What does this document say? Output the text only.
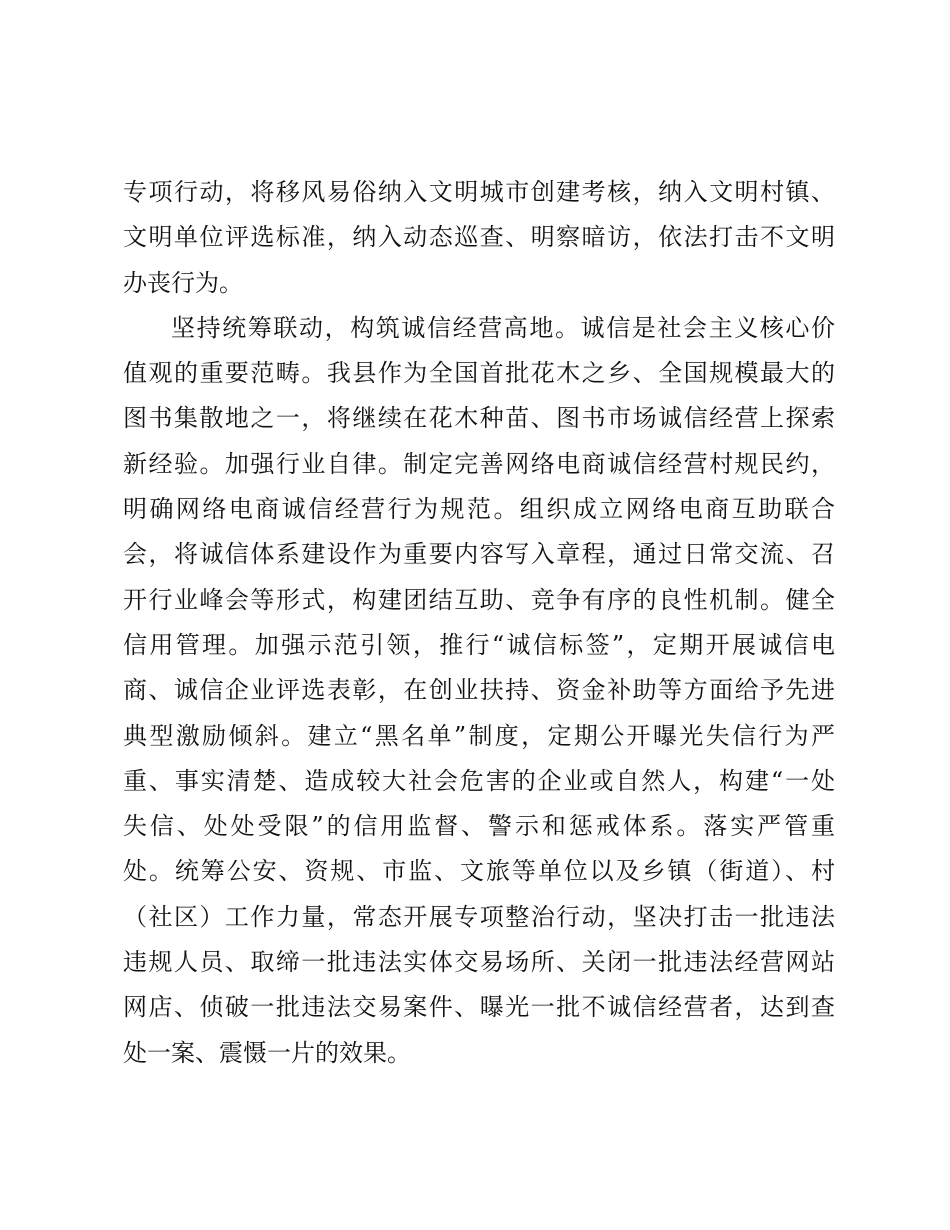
专项行动，将移风易俗纳入文明城市创建考核，纳入文明村镇、
文明单位评选标准，纳入动态巡查、明察暗访，依法打击不文明
办丧行为。
坚持统筹联动，构筑诚信经营高地。诚信是社会主义核心价
值观的重要范畴。我县作为全国首批花木之乡、全国规模最大的
图书集散地之一，将继续在花木种苗、图书市场诚信经营上探索
新经验。加强行业自律。制定完善网络电商诚信经营村规民约，
明确网络电商诚信经营行为规范。组织成立网络电商互助联合
会，将诚信体系建设作为重要内容写入章程，通过日常交流、召
开行业峰会等形式，构建团结互助、竞争有序的良性机制。健全
信用管理。加强示范引领，推行“诚信标签”，定期开展诚信电
商、诚信企业评选表彰，在创业扶持、资金补助等方面给予先进
典型激励倾斜。建立“黑名单”制度，定期公开曝光失信行为严
重、事实清楚、造成较大社会危害的企业或自然人，构建“一处
失信、处处受限”的信用监督、警示和惩戒体系。落实严管重
处。统筹公安、资规、市监、文旅等单位以及乡镇（街道）、村
（社区）工作力量，常态开展专项整治行动，坚决打击一批违法
违规人员、取缔一批违法实体交易场所、关闭一批违法经营网站
网店、侦破一批违法交易案件、曝光一批不诚信经营者，达到查
处一案、震慑一片的效果。
